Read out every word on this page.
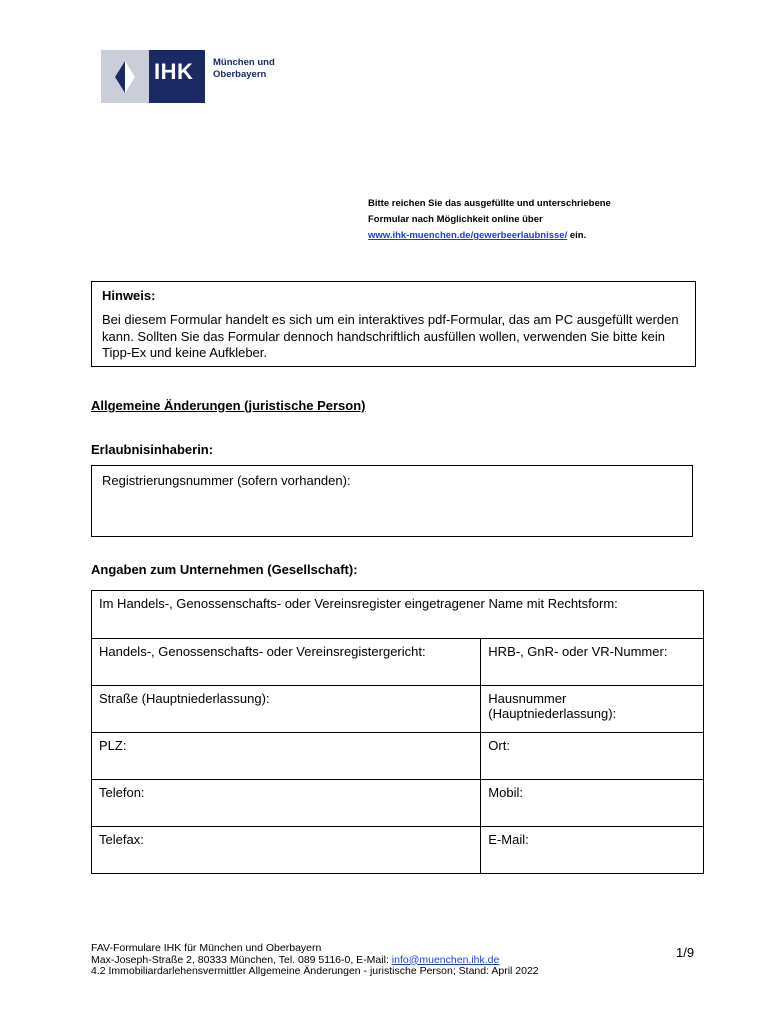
IHK München und
Oberbayern
Bitte reichen Sie das ausgefüllte und unterschriebene
Formular nach Möglichkeit online über
www.ihk-muenchen.de/gewerbeerlaubnisse/ ein.
Hinweis:
Bei diesem Formular handelt es sich um ein interaktives pdf-Formular, das am PC ausgefüllt werden kann. Sollten Sie das Formular dennoch handschriftlich ausfüllen wollen, verwenden Sie bitte kein Tipp-Ex und keine Aufkleber.
Allgemeine Änderungen (juristische Person)
Erlaubnisinhaberin:
Registrierungsnummer (sofern vorhanden):
Angaben zum Unternehmen (Gesellschaft):
Im Handels-, Genossenschafts- oder Vereinsregister eingetragener Name mit Rechtsform:	
Handels-, Genossenschafts- oder Vereinsregistergericht:	HRB-, GnR- oder VR-Nummer:
Straße (Hauptniederlassung):	Hausnummer (Hauptniederlassung):
PLZ:	Ort:
Telefon:	Mobil:
Telefax:	E-Mail:
FAV-Formulare IHK für München und Oberbayern
Max-Joseph-Straße 2, 80333 München, Tel. 089 5116-0, E-Mail: info@muenchen.ihk.de
4.2 Immobiliardarlehensvermittler Allgemeine Änderungen - juristische Person; Stand: April 2022
1/9
